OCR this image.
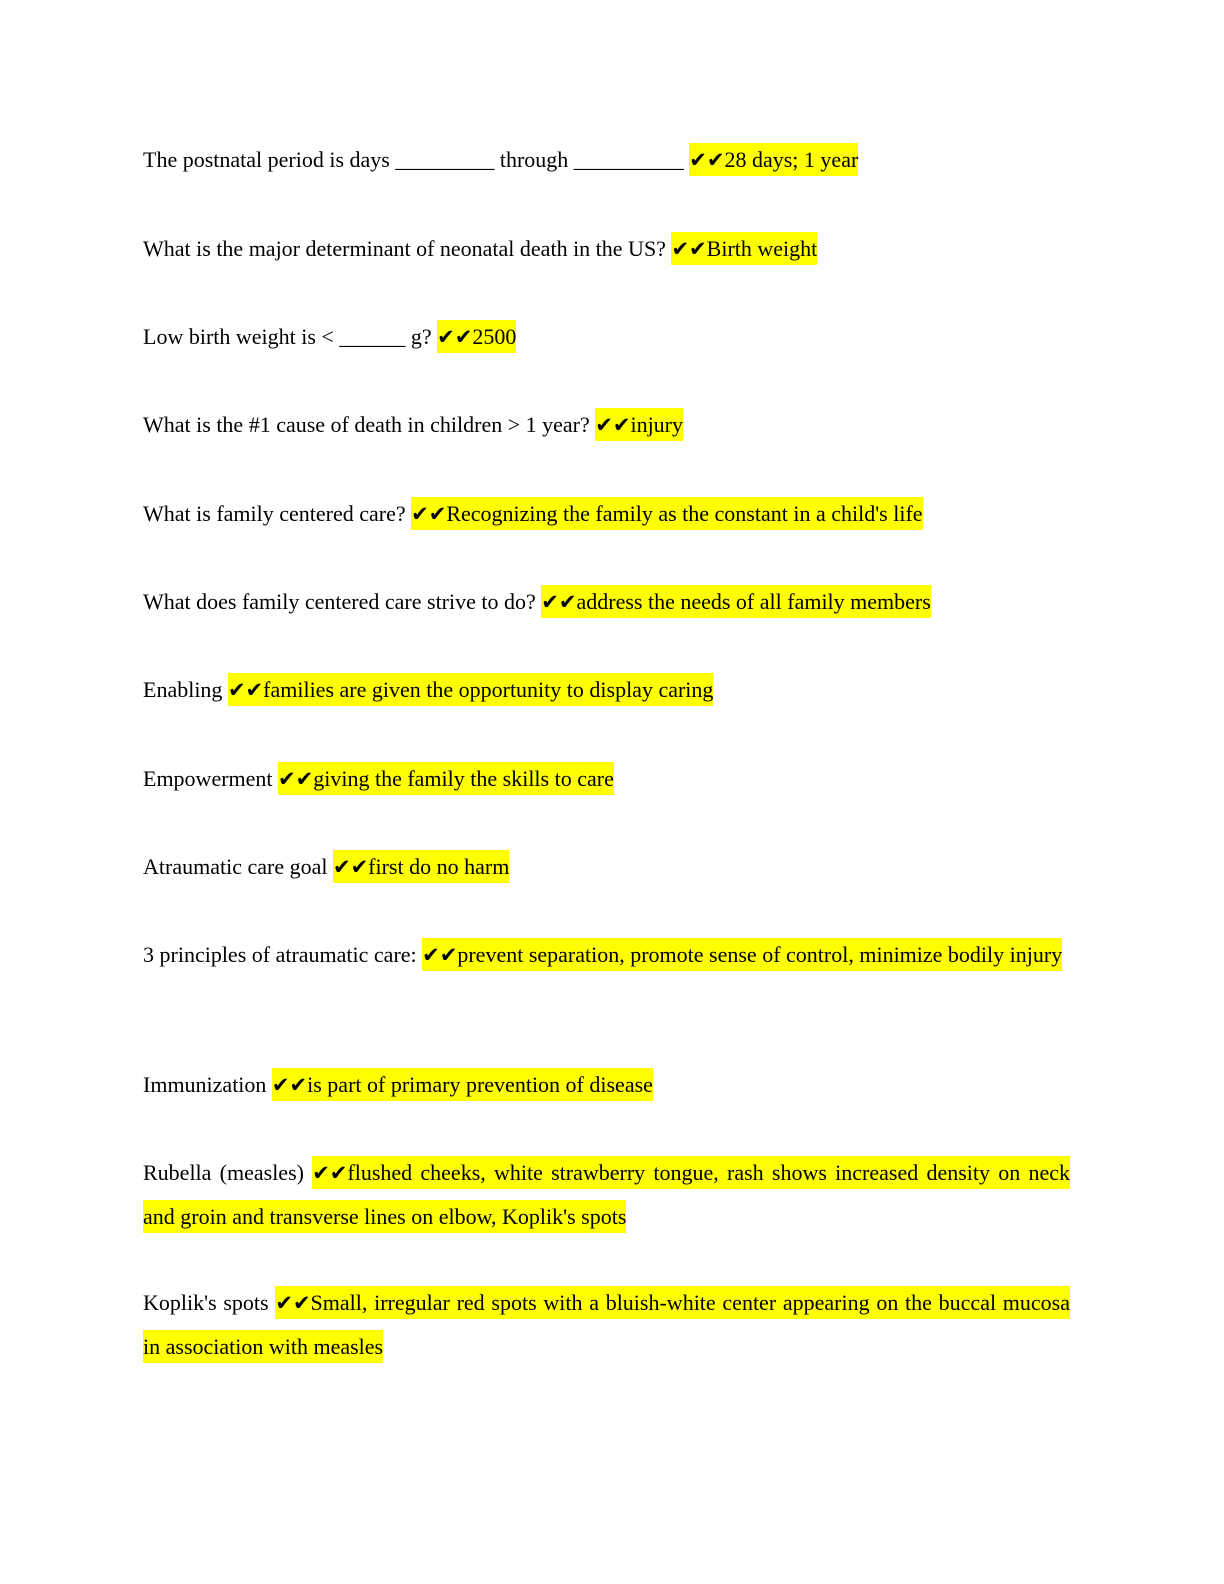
The postnatal period is days _________ through __________ ✔✔28 days; 1 year

What is the major determinant of neonatal death in the US? ✔✔Birth weight

Low birth weight is < ______ g? ✔✔2500

What is the #1 cause of death in children > 1 year? ✔✔injury

What is family centered care? ✔✔Recognizing the family as the constant in a child's life

What does family centered care strive to do? ✔✔address the needs of all family members

Enabling ✔✔families are given the opportunity to display caring

Empowerment ✔✔giving the family the skills to care

Atraumatic care goal ✔✔first do no harm

3 principles of atraumatic care: ✔✔prevent separation, promote sense of control, minimize bodily injury

Immunization ✔✔is part of primary prevention of disease

Rubella (measles) ✔✔flushed cheeks, white strawberry tongue, rash shows increased density on neck and groin and transverse lines on elbow, Koplik's spots

Koplik's spots ✔✔Small, irregular red spots with a bluish-white center appearing on the buccal mucosa in association with measles
